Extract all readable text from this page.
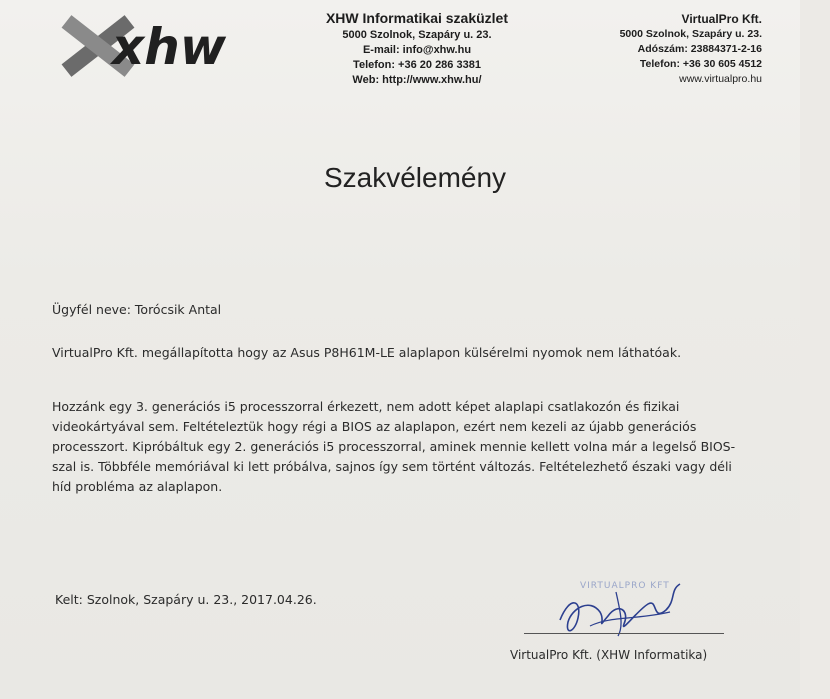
xhw	XHW Informatikai szaküzlet
5000 Szolnok, Szapáry u. 23.
E-mail: info@xhw.hu
Telefon: +36 20 286 3381
Web: http://www.xhw.hu/
VirtualPro Kft.
5000 Szolnok, Szapáry u. 23.
Adószám: 23884371-2-16
Telefon: +36 30 605 4512
www.virtualpro.hu
Szakvélemény
Ügyfél neve: Torócsik Antal
VirtualPro Kft. megállapította hogy az Asus P8H61M-LE alaplapon külsérelmi nyomok nem láthatóak.
Hozzánk egy 3. generációs i5 processzorral érkezett, nem adott képet alaplapi csatlakozón és fizikai
videokártyával sem. Feltételeztük hogy régi a BIOS az alaplapon, ezért nem kezeli az újabb generációs
processzort. Kipróbáltuk egy 2. generációs i5 processzorral, aminek mennie kellett volna már a legelső BIOS-
szal is. Többféle memóriával ki lett próbálva, sajnos így sem történt változás. Feltételezhető északi vagy déli
híd probléma az alaplapon.
Kelt: Szolnok, Szapáry u. 23., 2017.04.26.
VIRTUALPRO KFT
VirtualPro Kft. (XHW Informatika)
